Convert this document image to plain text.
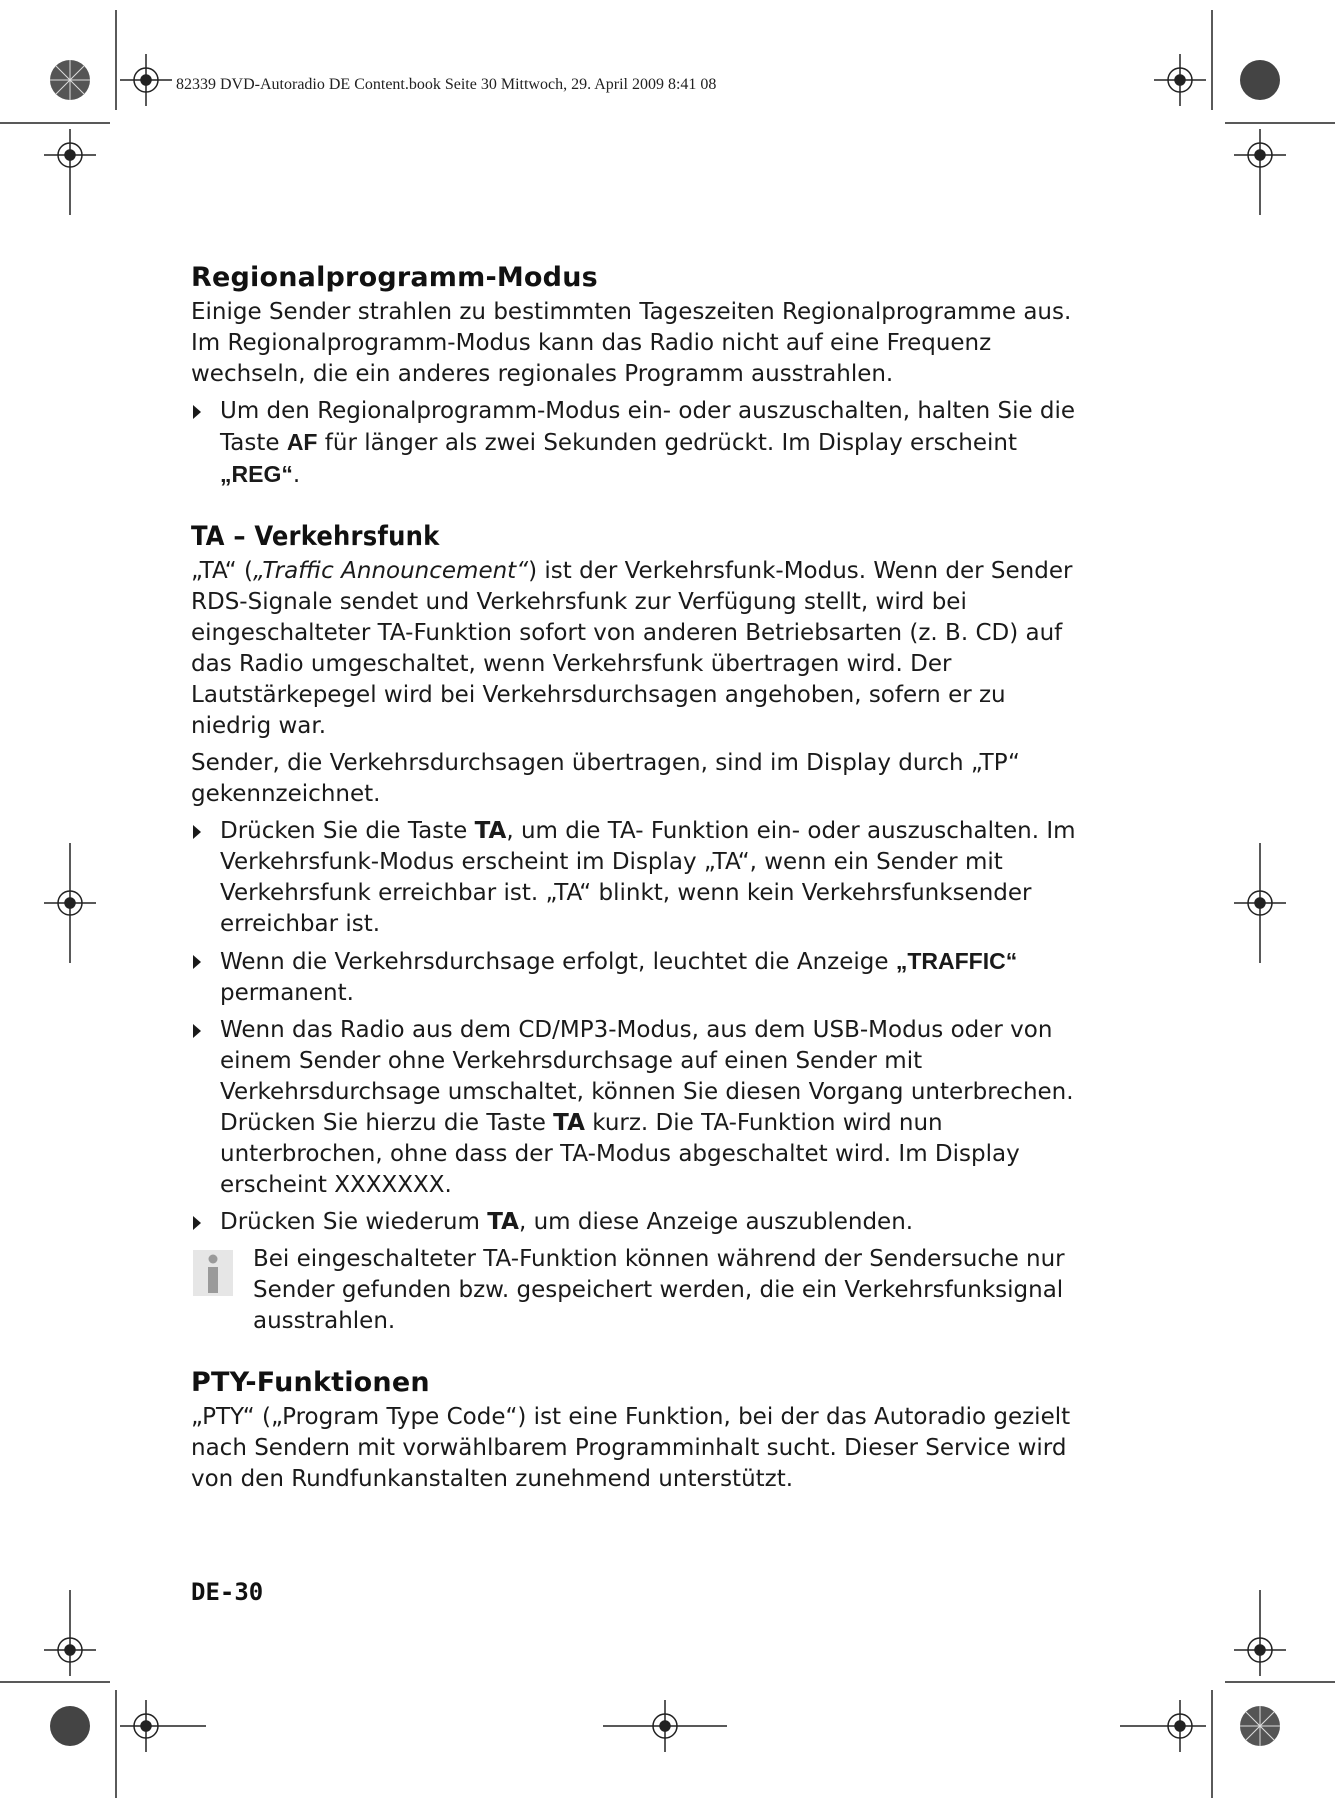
82339 DVD-Autoradio DE Content.book Seite 30 Mittwoch, 29. April 2009 8:41 08
Regionalprogramm-Modus

Einige Sender strahlen zu bestimmten Tageszeiten Regionalprogramme aus. Im Regionalprogramm-Modus kann das Radio nicht auf eine Frequenz wechseln, die ein anderes regionales Programm ausstrahlen.

Um den Regionalprogramm-Modus ein- oder auszuschalten, halten Sie die Taste AF für länger als zwei Sekunden gedrückt. Im Display erscheint „REG“.
TA – Verkehrsfunk

„TA“ („Traffic Announcement“) ist der Verkehrsfunk-Modus. Wenn der Sender RDS-Signale sendet und Verkehrsfunk zur Verfügung stellt, wird bei eingeschalteter TA-Funktion sofort von anderen Betriebsarten (z. B. CD) auf das Radio umgeschaltet, wenn Verkehrsfunk übertragen wird. Der Lautstärkepegel wird bei Verkehrsdurchsagen angehoben, sofern er zu niedrig war.

Sender, die Verkehrsdurchsagen übertragen, sind im Display durch „TP“ gekennzeichnet.

Drücken Sie die Taste TA, um die TA- Funktion ein- oder auszuschalten. Im Verkehrsfunk-Modus erscheint im Display „TA“, wenn ein Sender mit Verkehrsfunk erreichbar ist. „TA“ blinkt, wenn kein Verkehrsfunksender erreichbar ist.
Wenn die Verkehrsdurchsage erfolgt, leuchtet die Anzeige „TRAFFIC“ permanent.
Wenn das Radio aus dem CD/MP3-Modus, aus dem USB-Modus oder von einem Sender ohne Verkehrsdurchsage auf einen Sender mit Verkehrsdurchsage umschaltet, können Sie diesen Vorgang unterbrechen. Drücken Sie hierzu die Taste TA kurz. Die TA-Funktion wird nun unterbrochen, ohne dass der TA-Modus abgeschaltet wird. Im Display erscheint XXXXXXX.
Drücken Sie wiederum TA, um diese Anzeige auszublenden.
Bei eingeschalteter TA-Funktion können während der Sendersuche nur Sender gefunden bzw. gespeichert werden, die ein Verkehrsfunksignal ausstrahlen.
PTY-Funktionen

„PTY“ („Program Type Code“) ist eine Funktion, bei der das Autoradio gezielt nach Sendern mit vorwählbarem Programminhalt sucht. Dieser Service wird von den Rundfunkanstalten zunehmend unterstützt.

DE-30
